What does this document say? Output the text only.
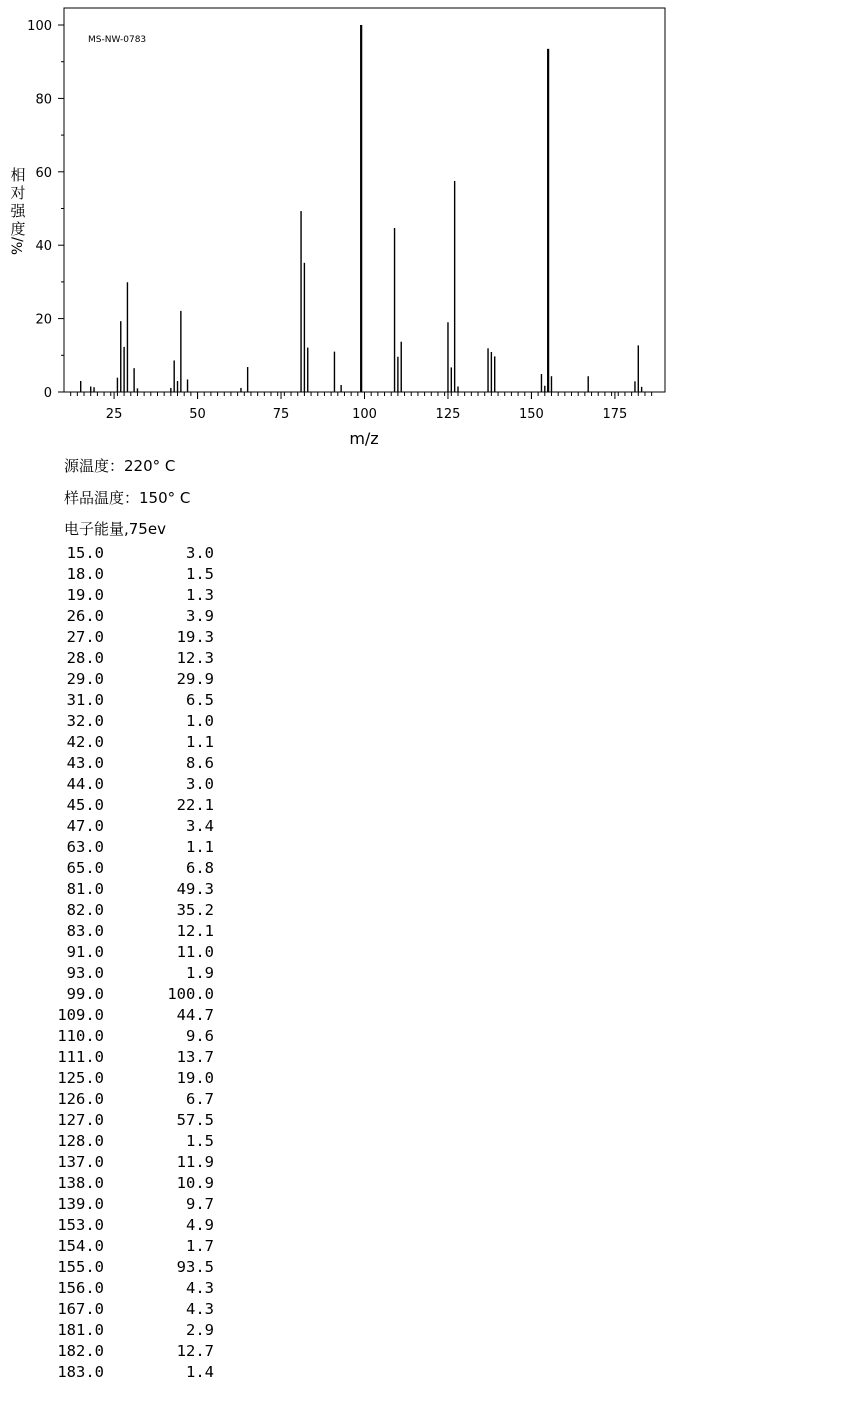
MS-NW-0783
0
20
40
60
80
100
25	50	75	100	125	150	175
m/z
相
对
强
度
%/
源温度：220° C
样品温度：150° C
电子能量,75ev
15.0	3.0
18.0	1.5
19.0	1.3
26.0	3.9
27.0	19.3
28.0	12.3
29.0	29.9
31.0	6.5
32.0	1.0
42.0	1.1
43.0	8.6
44.0	3.0
45.0	22.1
47.0	3.4
63.0	1.1
65.0	6.8
81.0	49.3
82.0	35.2
83.0	12.1
91.0	11.0
93.0	1.9
99.0	100.0
109.0	44.7
110.0	9.6
111.0	13.7
125.0	19.0
126.0	6.7
127.0	57.5
128.0	1.5
137.0	11.9
138.0	10.9
139.0	9.7
153.0	4.9
154.0	1.7
155.0	93.5
156.0	4.3
167.0	4.3
181.0	2.9
182.0	12.7
183.0	1.4
